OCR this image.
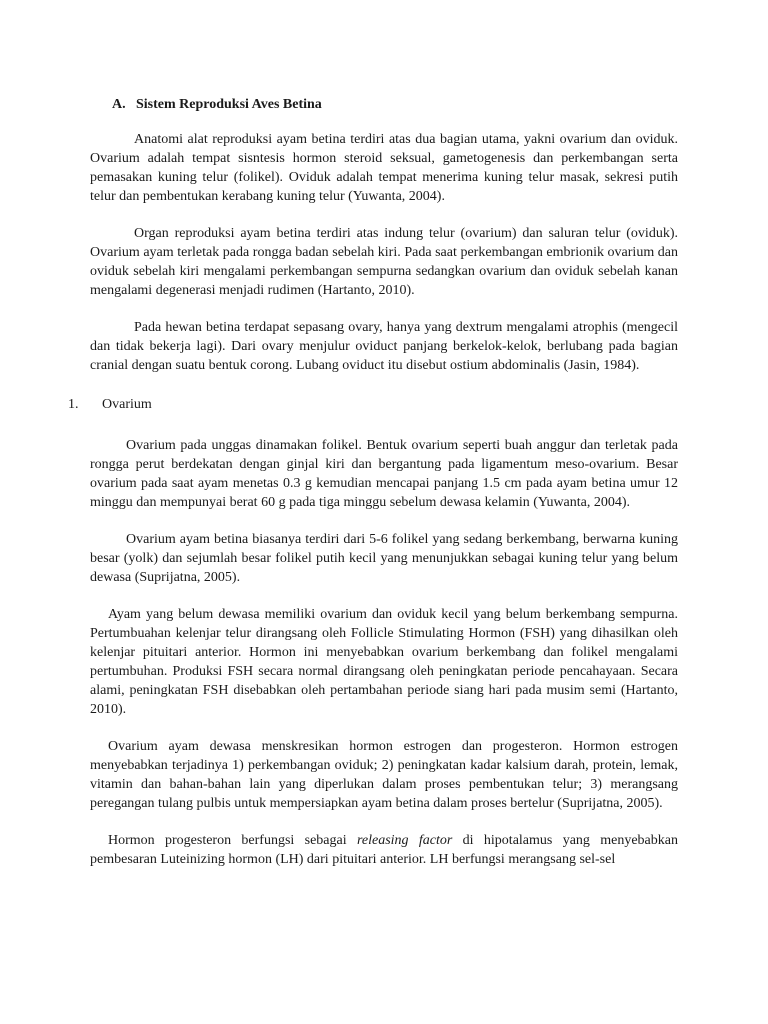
A. Sistem Reproduksi Aves Betina

Anatomi alat reproduksi ayam betina terdiri atas dua bagian utama, yakni ovarium dan oviduk. Ovarium adalah tempat sisntesis hormon steroid seksual, gametogenesis dan perkembangan serta pemasakan kuning telur (folikel). Oviduk adalah tempat menerima kuning telur masak, sekresi putih telur dan pembentukan kerabang kuning telur (Yuwanta, 2004).

Organ reproduksi ayam betina terdiri atas indung telur (ovarium) dan saluran telur (oviduk). Ovarium ayam terletak pada rongga badan sebelah kiri. Pada saat perkembangan embrionik ovarium dan oviduk sebelah kiri mengalami perkembangan sempurna sedangkan ovarium dan oviduk sebelah kanan mengalami degenerasi menjadi rudimen (Hartanto, 2010).

Pada hewan betina terdapat sepasang ovary, hanya yang dextrum mengalami atrophis (mengecil dan tidak bekerja lagi). Dari ovary menjulur oviduct panjang berkelok-kelok, berlubang pada bagian cranial dengan suatu bentuk corong. Lubang oviduct itu disebut ostium abdominalis (Jasin, 1984).

1. Ovarium

Ovarium pada unggas dinamakan folikel. Bentuk ovarium seperti buah anggur dan terletak pada rongga perut berdekatan dengan ginjal kiri dan bergantung pada ligamentum meso-ovarium. Besar ovarium pada saat ayam menetas 0.3 g kemudian mencapai panjang 1.5 cm pada ayam betina umur 12 minggu dan mempunyai berat 60 g pada tiga minggu sebelum dewasa kelamin (Yuwanta, 2004).

Ovarium ayam betina biasanya terdiri dari 5-6 folikel yang sedang berkembang, berwarna kuning besar (yolk) dan sejumlah besar folikel putih kecil yang menunjukkan sebagai kuning telur yang belum dewasa (Suprijatna, 2005).

Ayam yang belum dewasa memiliki ovarium dan oviduk kecil yang belum berkembang sempurna. Pertumbuahan kelenjar telur dirangsang oleh Follicle Stimulating Hormon (FSH) yang dihasilkan oleh kelenjar pituitari anterior. Hormon ini menyebabkan ovarium berkembang dan folikel mengalami pertumbuhan. Produksi FSH secara normal dirangsang oleh peningkatan periode pencahayaan. Secara alami, peningkatan FSH disebabkan oleh pertambahan periode siang hari pada musim semi (Hartanto, 2010).

Ovarium ayam dewasa menskresikan hormon estrogen dan progesteron. Hormon estrogen menyebabkan terjadinya 1) perkembangan oviduk; 2) peningkatan kadar kalsium darah, protein, lemak, vitamin dan bahan-bahan lain yang diperlukan dalam proses pembentukan telur; 3) merangsang peregangan tulang pulbis untuk mempersiapkan ayam betina dalam proses bertelur (Suprijatna, 2005).

Hormon progesteron berfungsi sebagai releasing factor di hipotalamus yang menyebabkan pembesaran Luteinizing hormon (LH) dari pituitari anterior. LH berfungsi merangsang sel-sel
